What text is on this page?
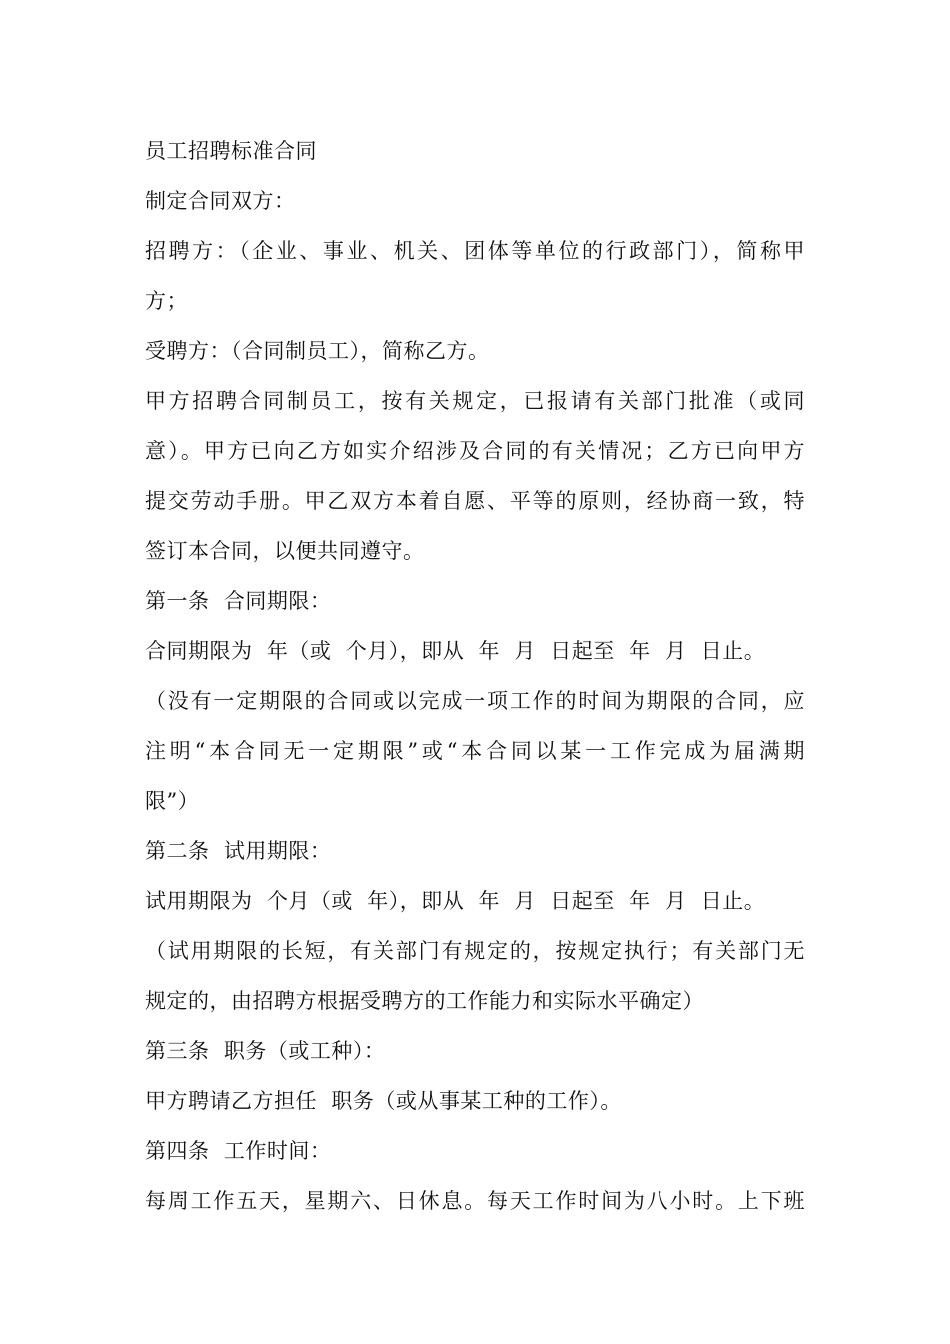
员工招聘标准合同
制定合同双方：
招聘方：（企业、事业、机关、团体等单位的行政部门），简称甲
方；
受聘方：（合同制员工），简称乙方。
甲方招聘合同制员工，按有关规定，已报请有关部门批准（或同
意）。甲方已向乙方如实介绍涉及合同的有关情况；乙方已向甲方
提交劳动手册。甲乙双方本着自愿、平等的原则，经协商一致，特
签订本合同，以便共同遵守。
第一条  合同期限：
合同期限为  年（或  个月），即从  年  月  日起至  年  月  日止。
（没有一定期限的合同或以完成一项工作的时间为期限的合同，应
注明“本合同无一定期限”或“本合同以某一工作完成为届满期
限”）
第二条  试用期限：
试用期限为  个月（或  年），即从  年  月  日起至  年  月  日止。
（试用期限的长短，有关部门有规定的，按规定执行；有关部门无
规定的，由招聘方根据受聘方的工作能力和实际水平确定）
第三条  职务（或工种）：
甲方聘请乙方担任  职务（或从事某工种的工作）。
第四条  工作时间：
每周工作五天，星期六、日休息。每天工作时间为八小时。上下班
